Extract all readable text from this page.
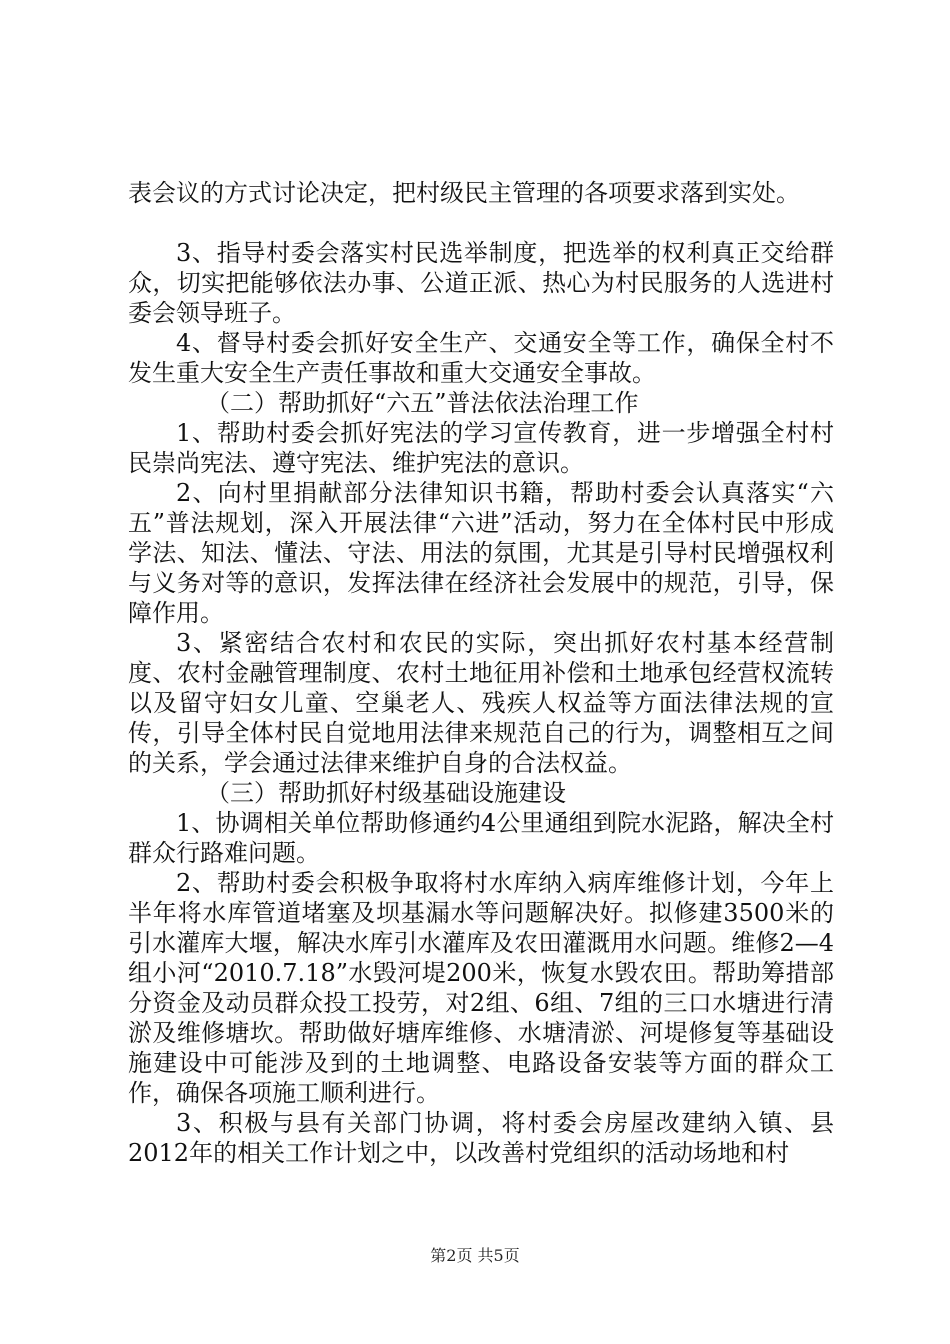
表会议的方式讨论决定，把村级民主管理的各项要求落到实处。

3、指导村委会落实村民选举制度，把选举的权利真正交给群众，切实把能够依法办事、公道正派、热心为村民服务的人选进村委会领导班子。

4、督导村委会抓好安全生产、交通安全等工作，确保全村不发生重大安全生产责任事故和重大交通安全事故。

（二）帮助抓好“六五”普法依法治理工作

1、帮助村委会抓好宪法的学习宣传教育，进一步增强全村村民崇尚宪法、遵守宪法、维护宪法的意识。

2、向村里捐献部分法律知识书籍，帮助村委会认真落实“六五”普法规划，深入开展法律“六进”活动，努力在全体村民中形成学法、知法、懂法、守法、用法的氛围，尤其是引导村民增强权利与义务对等的意识，发挥法律在经济社会发展中的规范，引导，保障作用。

3、紧密结合农村和农民的实际，突出抓好农村基本经营制度、农村金融管理制度、农村土地征用补偿和土地承包经营权流转以及留守妇女儿童、空巢老人、残疾人权益等方面法律法规的宣传，引导全体村民自觉地用法律来规范自己的行为，调整相互之间的关系，学会通过法律来维护自身的合法权益。

（三）帮助抓好村级基础设施建设

1、协调相关单位帮助修通约4公里通组到院水泥路，解决全村群众行路难问题。

2、帮助村委会积极争取将村水库纳入病库维修计划，今年上半年将水库管道堵塞及坝基漏水等问题解决好。拟修建3500米的引水灌库大堰，解决水库引水灌库及农田灌溉用水问题。维修2—4组小河“2010.7.18”水毁河堤200米，恢复水毁农田。帮助筹措部分资金及动员群众投工投劳，对2组、6组、7组的三口水塘进行清淤及维修塘坎。帮助做好塘库维修、水塘清淤、河堤修复等基础设施建设中可能涉及到的土地调整、电路设备安装等方面的群众工作，确保各项施工顺利进行。

3、积极与县有关部门协调，将村委会房屋改建纳入镇、县2012年的相关工作计划之中，以改善村党组织的活动场地和村

第2页 共5页
